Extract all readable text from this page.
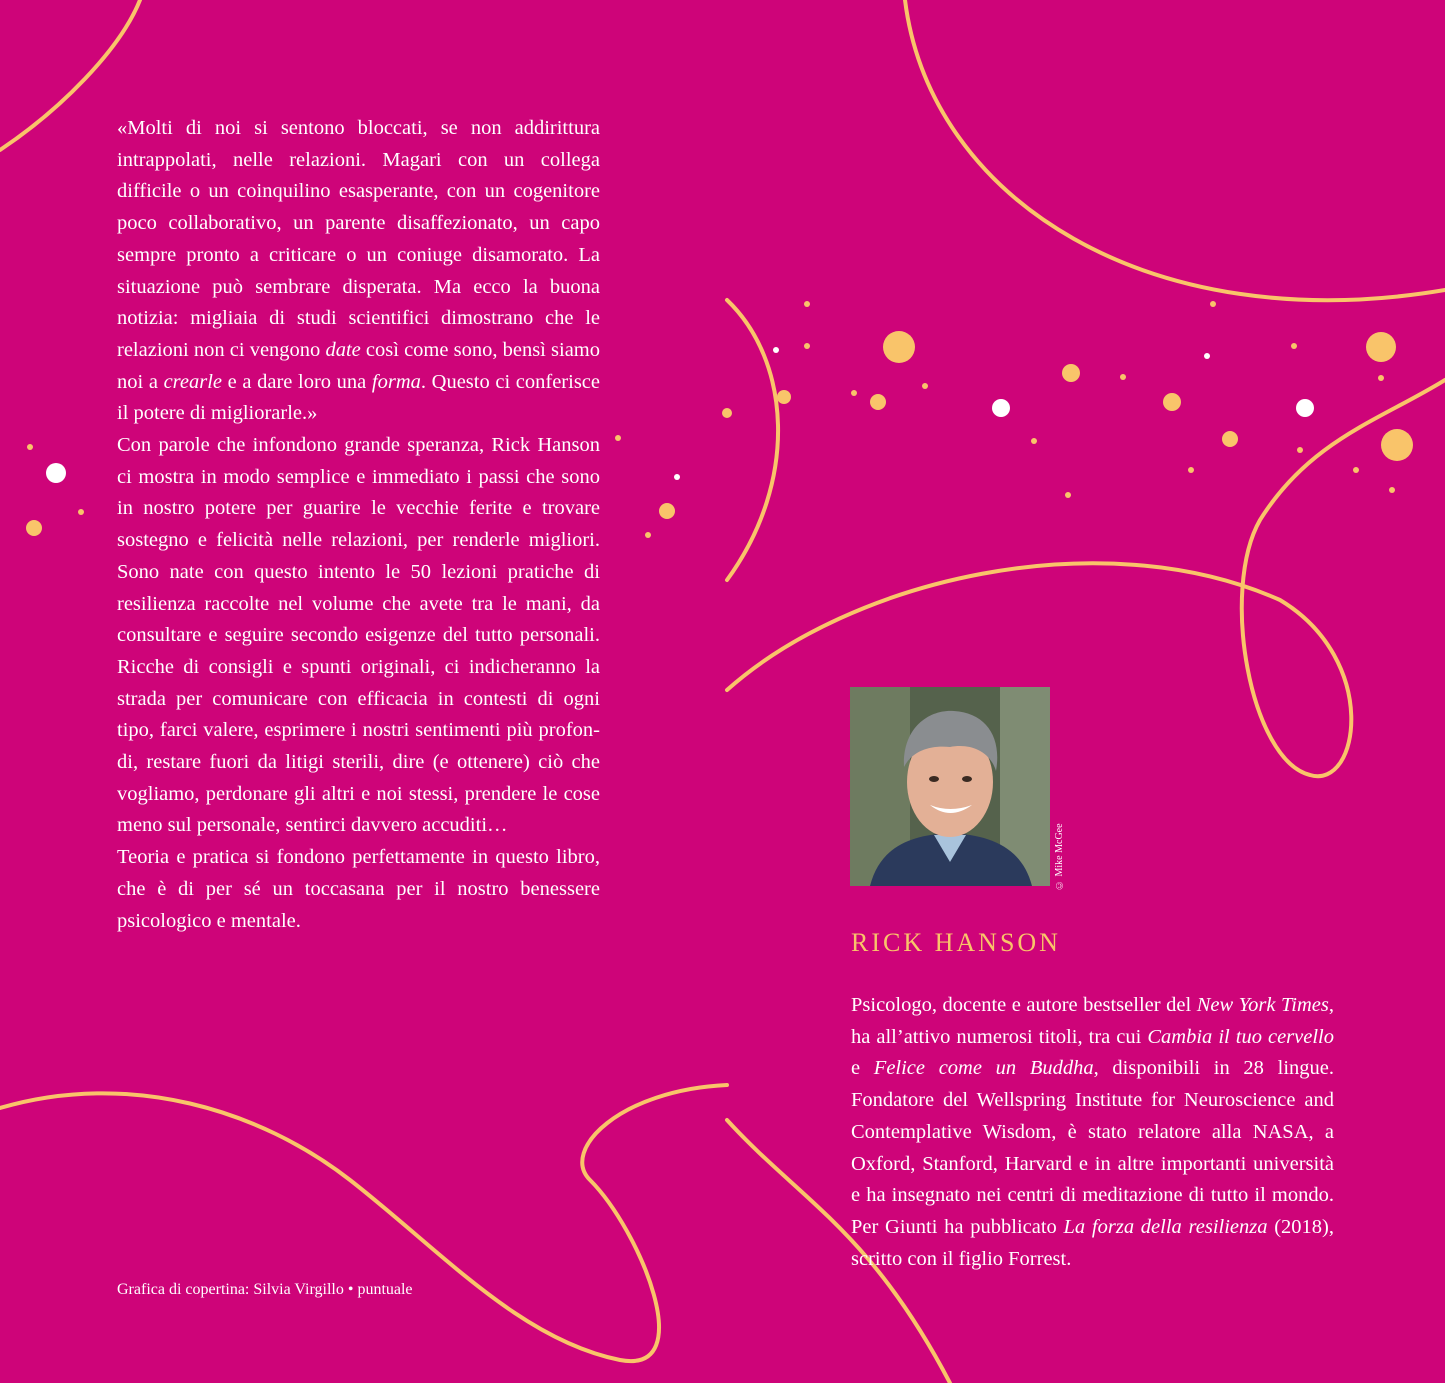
«Molti di noi si sentono bloccati, se non addirittura intrappolati, nelle relazioni. Magari con un collega difficile o un coinquilino esasperante, con un cogenitore poco collaborativo, un parente disaffezionato, un capo sempre pronto a criticare o un coniuge disamorato. La situazione può sembrare disperata. Ma ecco la buona notizia: migliaia di studi scientifici dimostrano che le relazioni non ci vengono date così come sono, bensì siamo noi a crearle e a dare loro una forma. Questo ci conferisce il potere di migliorarle.»

Con parole che infondono grande speranza, Rick Hanson ci mostra in modo semplice e immediato i passi che sono in nostro potere per guarire le vecchie ferite e trovare sostegno e felicità nelle relazioni, per renderle migliori. Sono nate con questo intento le 50 lezioni pratiche di resilienza raccolte nel volume che avete tra le mani, da consultare e seguire secondo esigenze del tutto personali. Ricche di consigli e spunti originali, ci indicheranno la strada per comunicare con efficacia in contesti di ogni tipo, farci valere, esprimere i nostri sentimenti più profondi, restare fuori da litigi sterili, dire (e ottenere) ciò che vogliamo, perdonare gli altri e noi stessi, prendere le cose meno sul personale, sentirci davvero accuditi…

Teoria e pratica si fondono perfettamente in questo libro, che è di per sé un toccasana per il nostro benessere psicologico e mentale.

Grafica di copertina: Silvia Virgillo • puntuale
© Mike McGee
RICK HANSON

Psicologo, docente e autore bestseller del New York Times, ha all’attivo numerosi titoli, tra cui Cambia il tuo cervello e Felice come un Buddha, disponibili in 28 lingue. Fondatore del Wellspring Institute for Neuroscience and Contemplative Wisdom, è stato relatore alla NASA, a Oxford, Stanford, Harvard e in altre importanti università e ha insegnato nei centri di meditazione di tutto il mondo. Per Giunti ha pubblicato La forza della resilienza (2018), scritto con il figlio Forrest.
